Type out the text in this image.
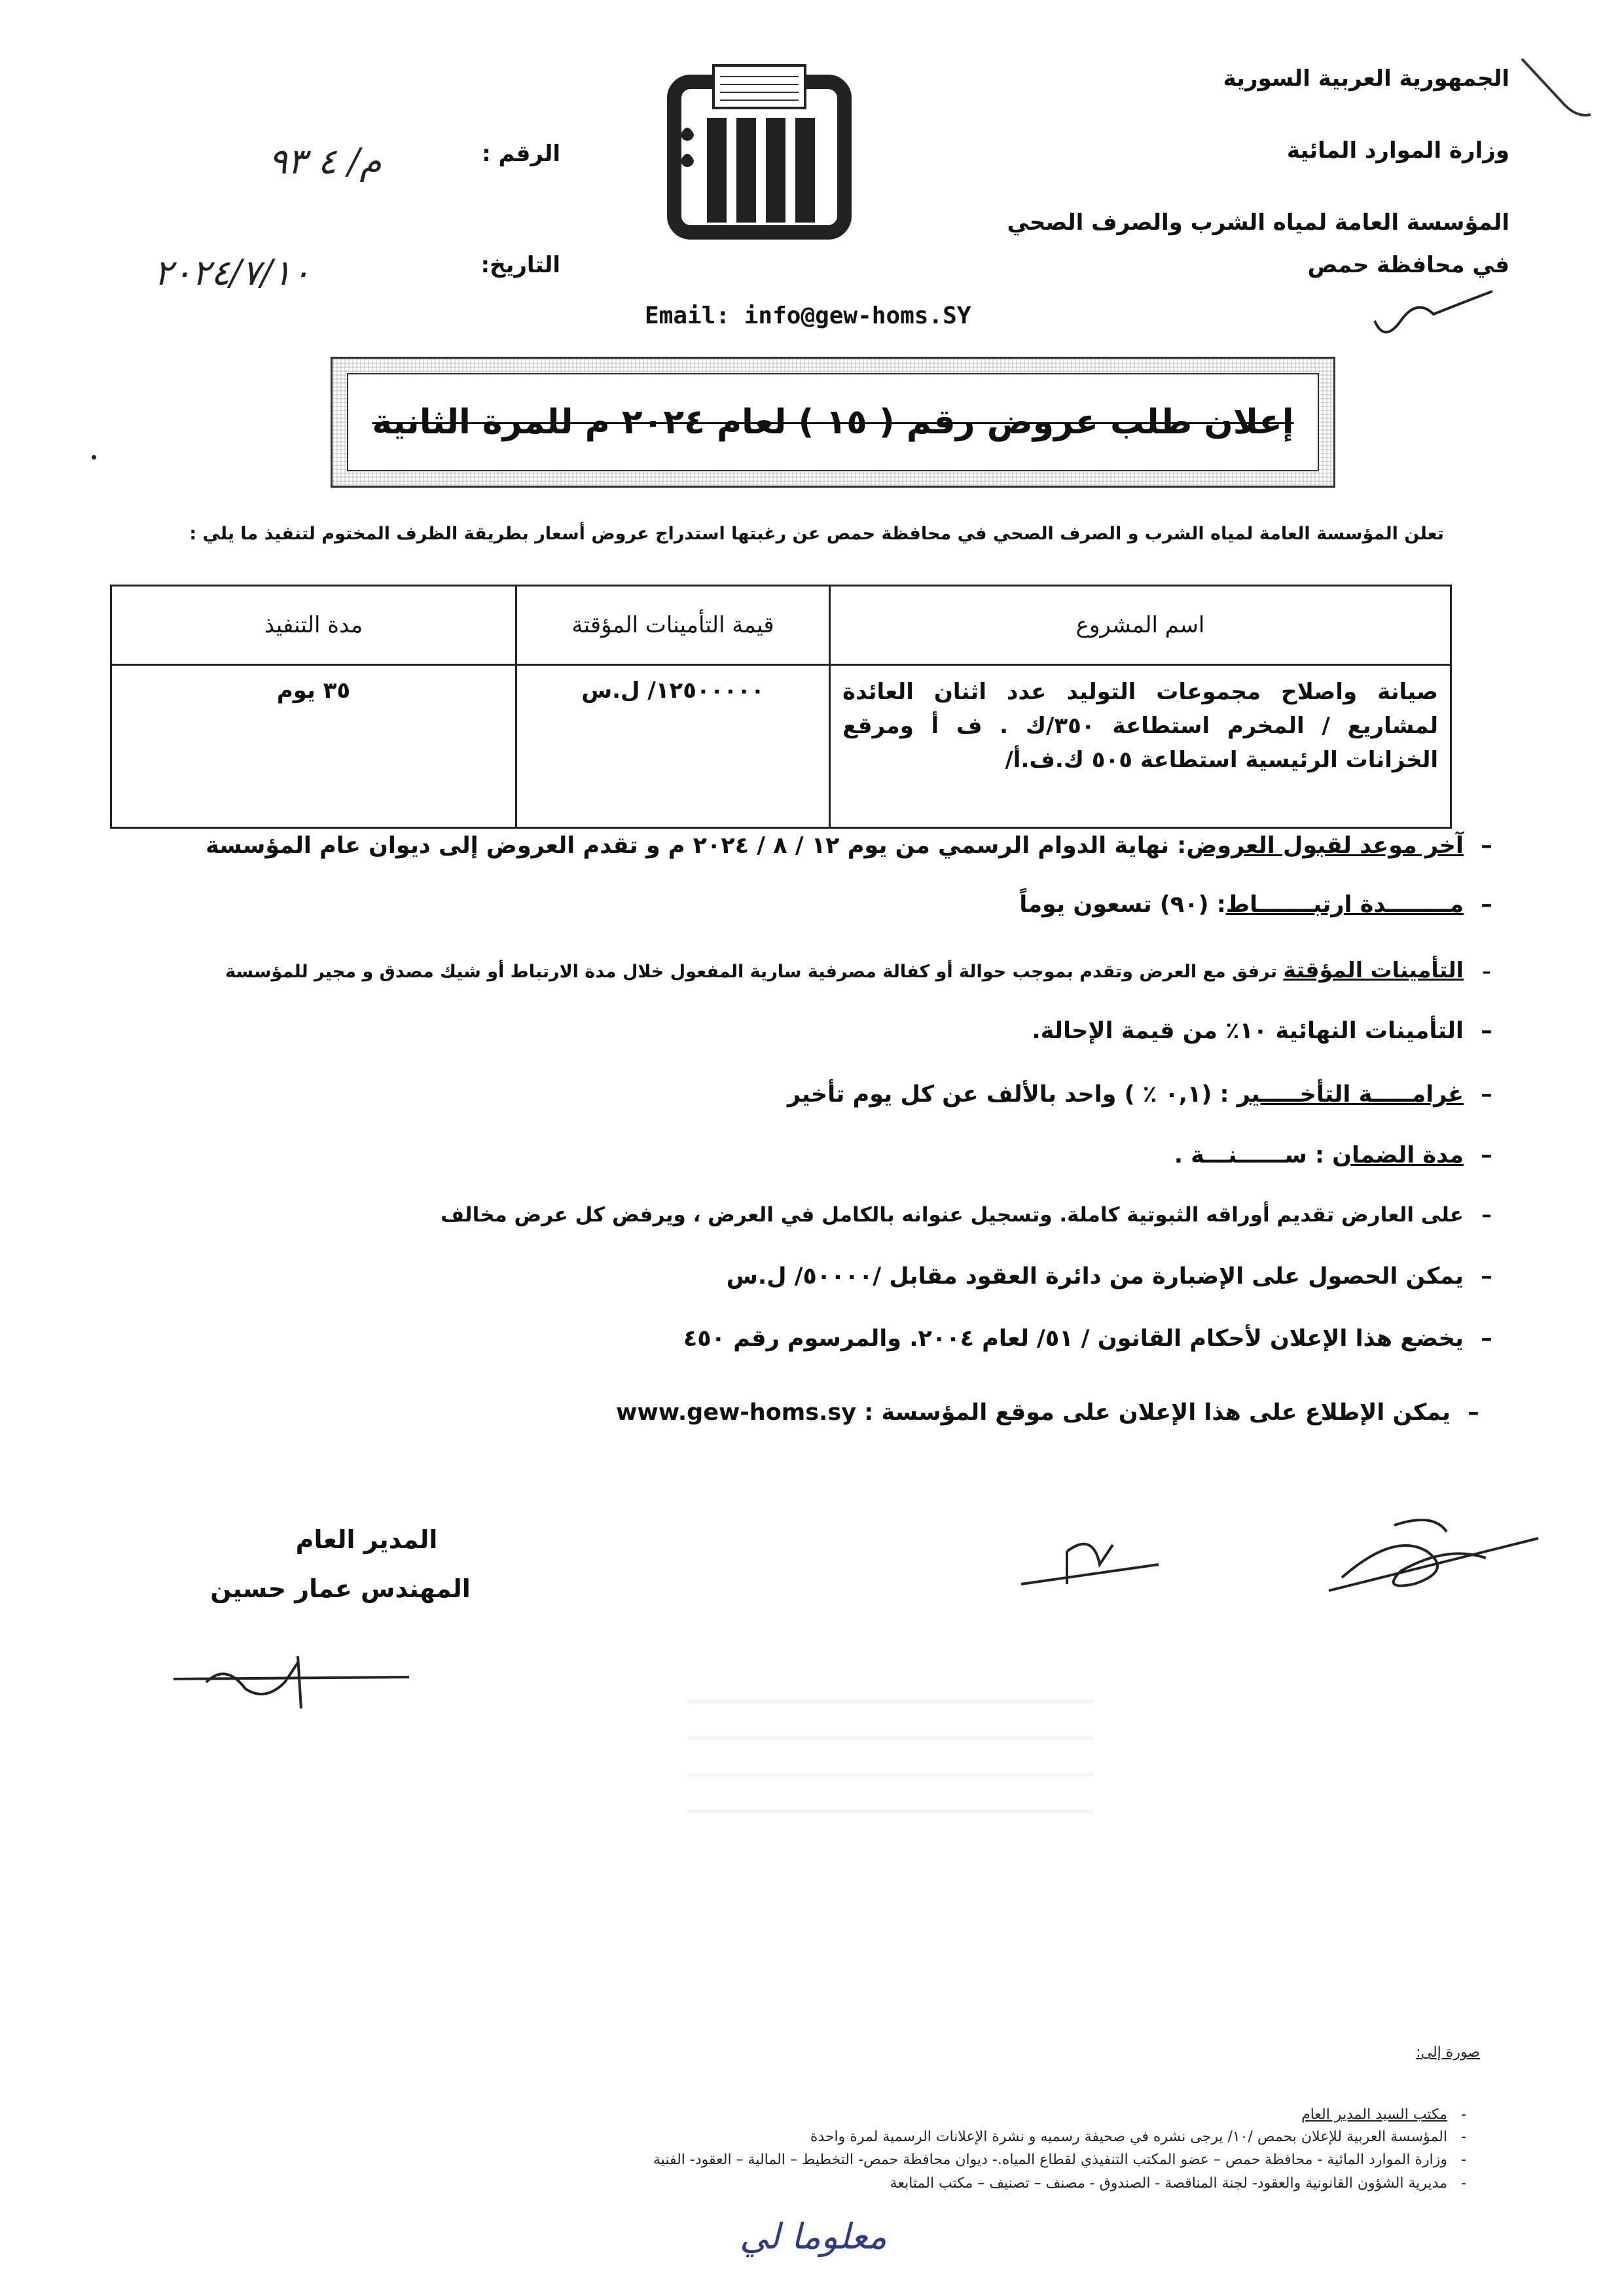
الجمهورية العربية السورية
وزارة الموارد المائية
المؤسسة العامة لمياه الشرب والصرف الصحي
في محافظة حمص
الرقم :
م/ ٤ ٩٣
التاريخ:
٢٠٢٤/٧/١٠
Email: info@gew-homs.SY
إعلان طلب عروض رقم ( ١٥ ) لعام ٢٠٢٤ م للمرة الثانية
تعلن المؤسسة العامة لمياه الشرب و الصرف الصحي في محافظة حمص عن رغبتها استدراج عروض أسعار بطريقة الظرف المختوم لتنفيذ ما يلي :
اسم المشروع	قيمة التأمينات المؤقتة	مدة التنفيذ
صيانة واصلاح مجموعات التوليد عدد اثنان العائدة لمشاريع / المخرم استطاعة ٣٥٠/ك . ف أ ومرقع الخزانات الرئيسية استطاعة ٥٠٥ ك.ف.أ/	١٢٥٠٠٠٠٠/ ل.س	٣٥ يوم
–آخر موعد لقبول العروض: نهاية الدوام الرسمي من يوم ١٢ / ٨ / ٢٠٢٤ م و تقدم العروض إلى ديوان عام المؤسسة
–مــــــــدة ارتبـــــــاط: (٩٠) تسعون يوماً
–التأمينات المؤقتة ترفق مع العرض وتقدم بموجب حوالة أو كفالة مصرفية سارية المفعول خلال مدة الارتباط أو شيك مصدق و مجير للمؤسسة
–التأمينات النهائية ١٠٪ من قيمة الإحالة.
–غرامـــــة التأخـــــير : (٠,١ ٪ ) واحد بالألف عن كل يوم تأخير
–مدة الضمان : ســــــنـــة .
–على العارض تقديم أوراقه الثبوتية كاملة. وتسجيل عنوانه بالكامل في العرض ، ويرفض كل عرض مخالف
–يمكن الحصول على الإضبارة من دائرة العقود مقابل /٥٠٠٠٠/ ل.س
–يخضع هذا الإعلان لأحكام القانون / ٥١/ لعام ٢٠٠٤. والمرسوم رقم ٤٥٠
–يمكن الإطلاع على هذا الإعلان على موقع المؤسسة : www.gew-homs.sy
المدير العام
المهندس عمار حسين
صورة إلى:
-مكتب السيد المدير العام
-المؤسسة العربية للإعلان بحمص /١٠/ يرجى نشره في صحيفة رسميه و نشرة الإعلانات الرسمية لمرة واحدة
-وزارة الموارد المائية - محافظة حمص – عضو المكتب التنفيذي لقطاع المياه.- ديوان محافظة حمص- التخطيط – المالية – العقود- الفنية
-مديرية الشؤون القانونية والعقود- لجنة المناقصة - الصندوق - مصنف – تصنيف – مكتب المتابعة
معلوما لي
